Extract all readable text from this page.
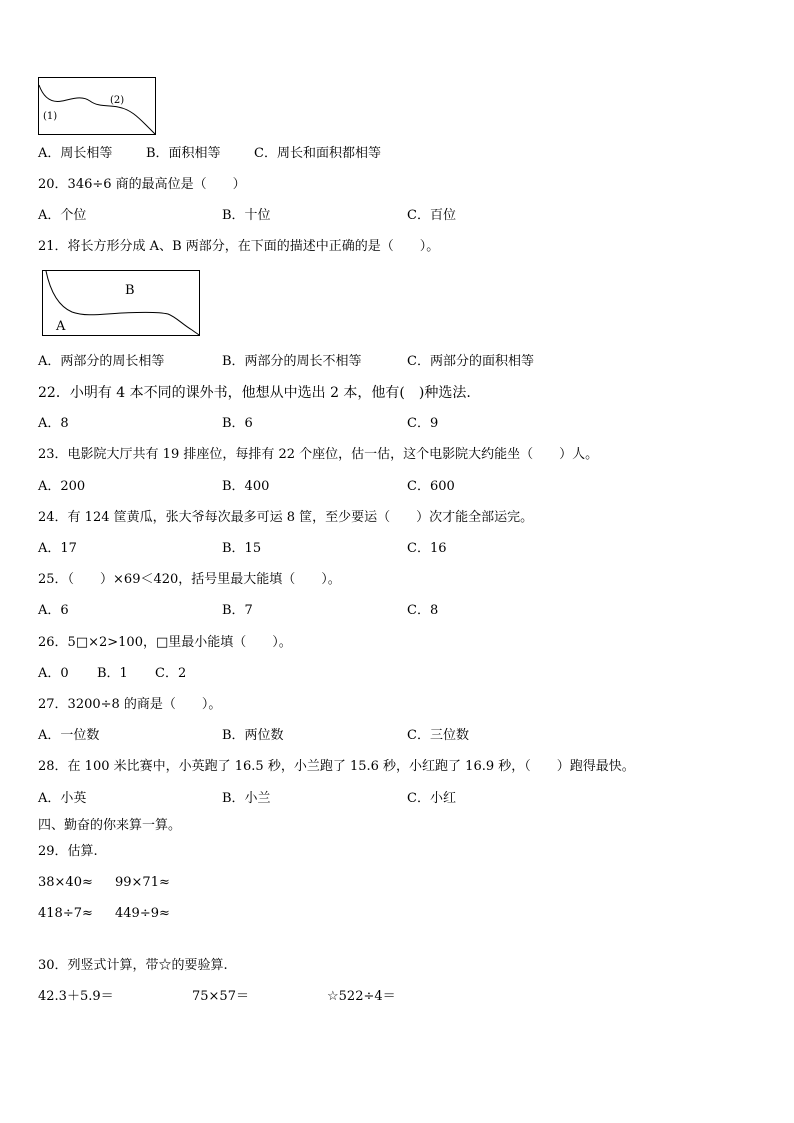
(1)
(2)
A．周长相等	B．面积相等	C．周长和面积都相等
20．346÷6 商的最高位是（　　）
A．个位	B．十位	C．百位
21．将长方形分成 A、B 两部分，在下面的描述中正确的是（　　）。
B
A
A．两部分的周长相等	B．两部分的周长不相等	C．两部分的面积相等
22．小明有 4 本不同的课外书，他想从中选出 2 本，他有(　)种选法.
A．8	B．6	C．9
23．电影院大厅共有 19 排座位，每排有 22 个座位，估一估，这个电影院大约能坐（　　）人。
A．200	B．400	C．600
24．有 124 筐黄瓜，张大爷每次最多可运 8 筐，至少要运（　　）次才能全部运完。
A．17	B．15	C．16
25．（　　）×69＜420，括号里最大能填（　　）。
A．6	B．7	C．8
26．5□×2>100，□里最小能填（　　）。
A．0 B．1 C．2
27．3200÷8 的商是（　　）。
A．一位数	B．两位数	C．三位数
28．在 100 米比赛中，小英跑了 16.5 秒，小兰跑了 15.6 秒，小红跑了 16.9 秒，（　　）跑得最快。
A．小英	B．小兰	C．小红
四、勤奋的你来算一算。
29．估算.
38×40≈ 99×71≈
418÷7≈ 449÷9≈
30．列竖式计算，带☆的要验算.
42.3＋5.9＝	75×57＝	☆522÷4＝
